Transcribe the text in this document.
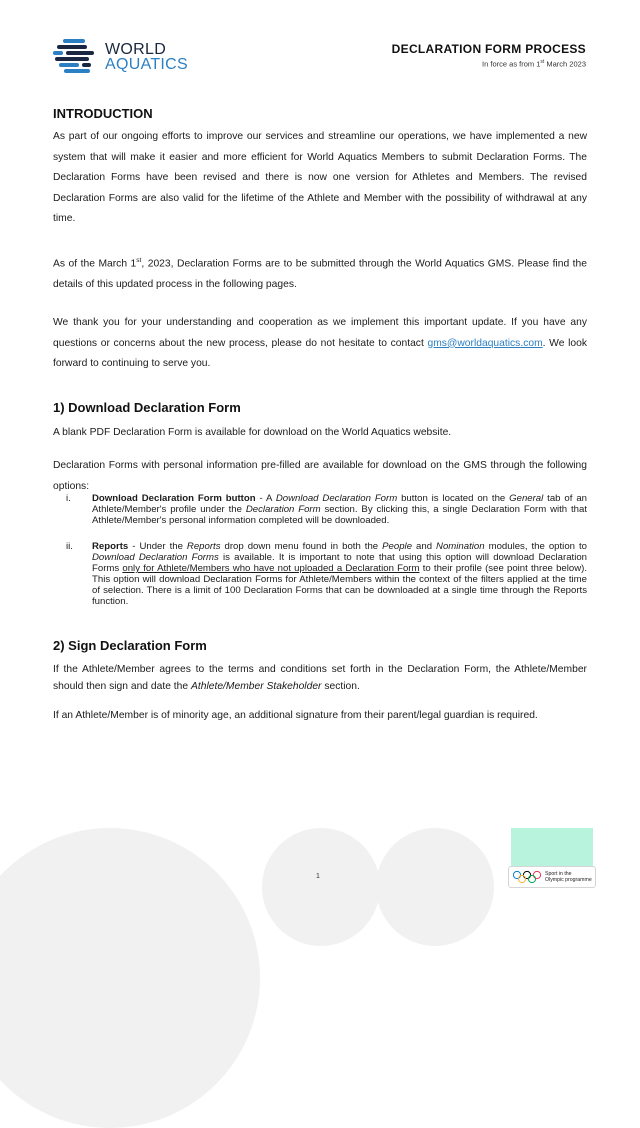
WORLD
AQUATICS
DECLARATION FORM PROCESS
In force as from 1st March 2023
INTRODUCTION
As part of our ongoing efforts to improve our services and streamline our operations, we have implemented a new system that will make it easier and more efficient for World Aquatics Members to submit Declaration Forms. The Declaration Forms have been revised and there is now one version for Athletes and Members. The revised Declaration Forms are also valid for the lifetime of the Athlete and Member with the possibility of withdrawal at any time.
As of the March 1st, 2023, Declaration Forms are to be submitted through the World Aquatics GMS. Please find the details of this updated process in the following pages.
We thank you for your understanding and cooperation as we implement this important update. If you have any questions or concerns about the new process, please do not hesitate to contact gms@worldaquatics.com. We look forward to continuing to serve you.
1) Download Declaration Form
A blank PDF Declaration Form is available for download on the World Aquatics website.
Declaration Forms with personal information pre-filled are available for download on the GMS through the following options:
i.	Download Declaration Form button - A Download Declaration Form button is located on the General tab of an Athlete/Member's profile under the Declaration Form section. By clicking this, a single Declaration Form with that Athlete/Member's personal information completed will be downloaded.
ii.	Reports - Under the Reports drop down menu found in both the People and Nomination modules, the option to Download Declaration Forms is available. It is important to note that using this option will download Declaration Forms only for Athlete/Members who have not uploaded a Declaration Form to their profile (see point three below). This option will download Declaration Forms for Athlete/Members within the context of the filters applied at the time of selection. There is a limit of 100 Declaration Forms that can be downloaded at a single time through the Reports function.
2) Sign Declaration Form
If the Athlete/Member agrees to the terms and conditions set forth in the Declaration Form, the Athlete/Member should then sign and date the Athlete/Member Stakeholder section.
If an Athlete/Member is of minority age, an additional signature from their parent/legal guardian is required.
1	Sport in the
Olympic programme
